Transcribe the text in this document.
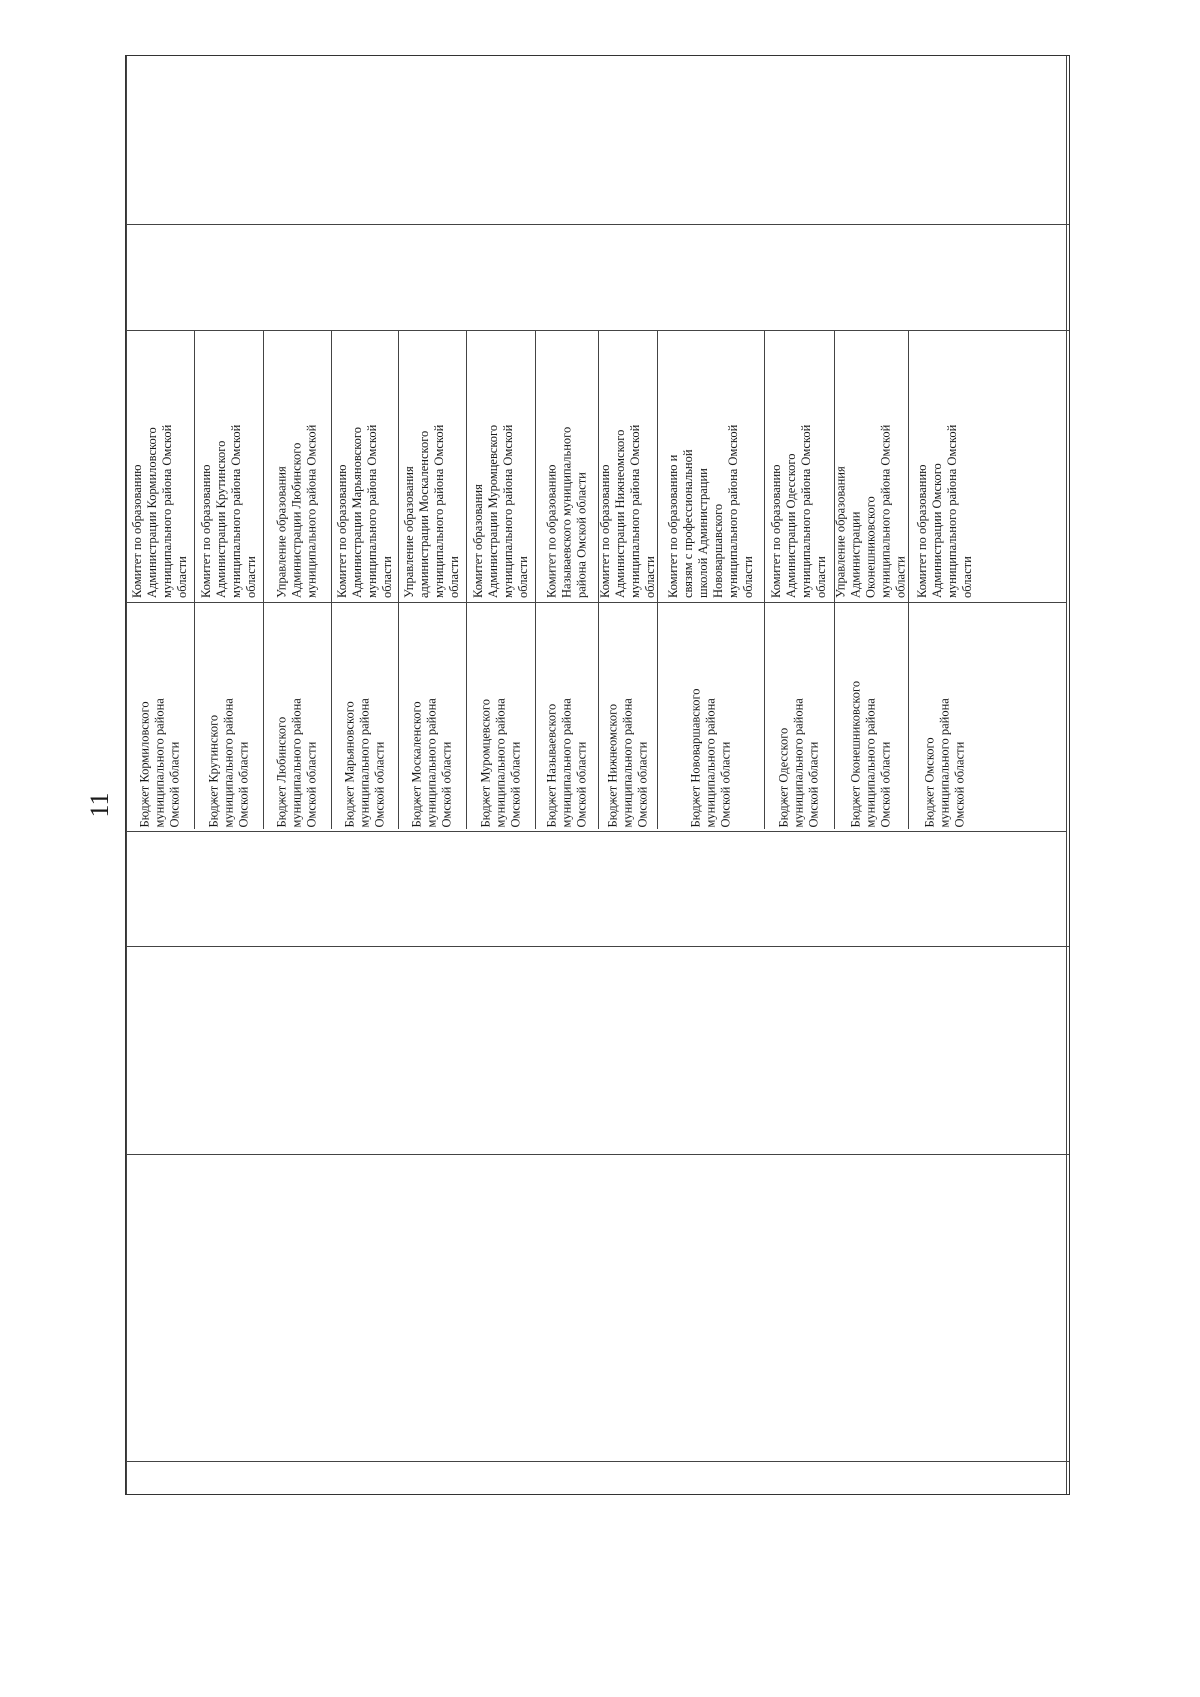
11	Бюджет Кормиловского
муниципального района
Омской области
Комитет по образованию
Администрации Кормиловского
муниципального района Омской
области
Бюджет Крутинского
муниципального района
Омской области
Комитет по образованию
Администрации Крутинского
муниципального района Омской
области
Бюджет Любинского
муниципального района
Омской области
Управление образования
Администрации Любинского
муниципального района Омской
Бюджет Марьяновского
муниципального района
Омской области
Комитет по образованию
Администрации Марьяновского
муниципального района Омской
области
Бюджет Москаленского
муниципального района
Омской области
Управление образования
администрации Москаленского
муниципального района Омской
области
Бюджет Муромцевского
муниципального района
Омской области
Комитет образования
Администрации Муромцевского
муниципального района Омской
области
Бюджет Называевского
муниципального района
Омской области
Комитет по образованию
Называевского муниципального
района Омской области
Бюджет Нижнеомского
муниципального района
Омской области
Комитет по образованию
Администрации Нижнеомского
муниципального района Омской
области
Бюджет Нововаршавского
муниципального района
Омской области
Комитет по образованию и
связям с профессиональной
школой Администрации
Нововаршавского
муниципального района Омской
области
Бюджет Одесского
муниципального района
Омской области
Комитет по образованию
Администрации Одесского
муниципального района Омской
области
Бюджет Оконешниковского
муниципального района
Омской области
Управление образования
Администрации
Оконешниковского
муниципального района Омской
области
Бюджет Омского
муниципального района
Омской области
Комитет по образованию
Администрации Омского
муниципального района Омской
области
